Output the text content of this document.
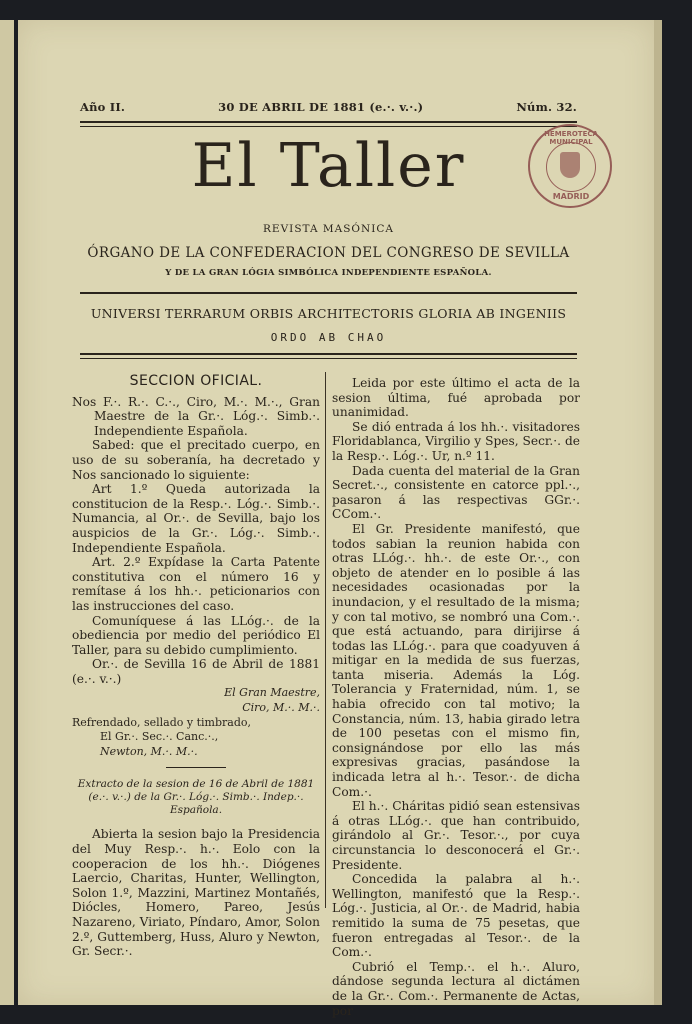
Año II.	30 DE ABRIL DE 1881 (e.·. v.·.)	Núm. 32.
El Taller	HEMEROTECA MUNICIPAL
MADRID
REVISTA MASÓNICA
ÓRGANO DE LA CONFEDERACION DEL CONGRESO DE SEVILLA
Y DE LA GRAN LÓGIA SIMBÓLICA INDEPENDIENTE ESPAÑOLA.
UNIVERSI TERRARUM ORBIS ARCHITECTORIS GLORIA AB INGENIIS
ORDO AB CHAO
SECCION OFICIAL.

Nos F.·. R.·. C.·., Ciro, M.·. M.·., Gran Maestre de la Gr.·. Lóg.·. Simb.·. Independiente Española.

Sabed: que el precitado cuerpo, en uso de su soberanía, ha decretado y Nos sancionado lo siguiente:

Art 1.º Queda autorizada la constitucion de la Resp.·. Lóg.·. Simb.·. Numancia, al Or.·. de Sevilla, bajo los auspicios de la Gr.·. Lóg.·. Simb.·. Independiente Española.

Art. 2.º Expídase la Carta Patente constitutiva con el número 16 y remítase á los hh.·. peticionarios con las instrucciones del caso.

Comuníquese á las LLóg.·. de la obediencia por medio del periódico El Taller, para su debido cumplimiento.

Or.·. de Sevilla 16 de Abril de 1881 (e.·. v.·.)

El Gran Maestre,

Ciro, M.·. M.·.

Refrendado, sellado y timbrado,

El Gr.·. Sec.·. Canc.·.,

Newton, M.·. M.·.

Extracto de la sesion de 16 de Abril de 1881 (e.·. v.·.) de la Gr.·. Lóg.·. Simb.·. Indep.·. Española.

Abierta la sesion bajo la Presidencia del Muy Resp.·. h.·. Eolo con la cooperacion de los hh.·. Diógenes Laercio, Charitas, Hunter, Wellington, Solon 1.º, Mazzini, Martinez Montañés, Diócles, Homero, Pareo, Jesús Nazareno, Viriato, Píndaro, Amor, Solon 2.º, Guttemberg, Huss, Aluro y Newton, Gr. Secr.·.

Leida por este último el acta de la sesion última, fué aprobada por unanimidad.

Se dió entrada á los hh.·. visitadores Floridablanca, Virgilio y Spes, Secr.·. de la Resp.·. Lóg.·. Ur, n.º 11.

Dada cuenta del material de la Gran Secret.·., consistente en catorce ppl.·., pasaron á las respectivas GGr.·. CCom.·.

El Gr. Presidente manifestó, que todos sabian la reunion habida con otras LLóg.·. hh.·. de este Or.·., con objeto de atender en lo posible á las necesidades ocasionadas por la inundacion, y el resultado de la misma; y con tal motivo, se nombró una Com.·. que está actuando, para dirijirse á todas las LLóg.·. para que coadyuven á mitigar en la medida de sus fuerzas, tanta miseria. Además la Lóg. Tolerancia y Fraternidad, núm. 1, se habia ofrecido con tal motivo; la Constancia, núm. 13, habia girado letra de 100 pesetas con el mismo fin, consignándose por ello las más expresivas gracias, pasándose la indicada letra al h.·. Tesor.·. de dicha Com.·.

El h.·. Cháritas pidió sean estensivas á otras LLóg.·. que han contribuido, girándolo al Gr.·. Tesor.·., por cuya circunstancia lo desconocerá el Gr.·. Presidente.

Concedida la palabra al h.·. Wellington, manifestó que la Resp.·. Lóg.·. Justicia, al Or.·. de Madrid, habia remitido la suma de 75 pesetas, que fueron entregadas al Tesor.·. de la Com.·.

Cubrió el Temp.·. el h.·. Aluro, dándose segunda lectura al dictámen de la Gr.·. Com.·. Permanente de Actas, por
